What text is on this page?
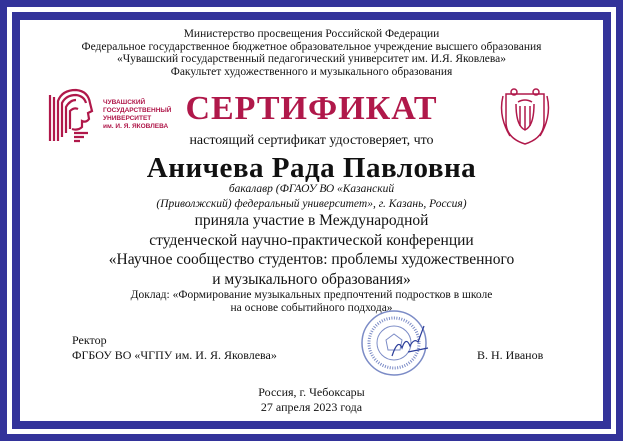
Министерство просвещения Российской Федерации
Федеральное государственное бюджетное образовательное учреждение высшего образования
«Чувашский государственный педагогический университет им. И.Я. Яковлева»
Факультет художественного и музыкального образования
ЧУВАШСКИЙ
ГОСУДАРСТВЕННЫЙ
УНИВЕРСИТЕТ
им. И. Я. ЯКОВЛЕВА СЕРТИФИКАТ
настоящий сертификат удостоверяет, что
Аничева Рада Павловна
бакалавр (ФГАОУ ВО «Казанский
(Приволжский) федеральный университет», г. Казань, Россия)
приняла участие в Международной
студенческой научно-практической конференции
«Научное сообщество студентов: проблемы художественного
и музыкального образования»
Доклад: «Формирование музыкальных предпочтений подростков в школе
на основе событийного подхода»
Ректор
ФГБОУ ВО «ЧГПУ им. И. Я. Яковлева»	В. Н. Иванов
Россия, г. Чебоксары
27 апреля 2023 года
